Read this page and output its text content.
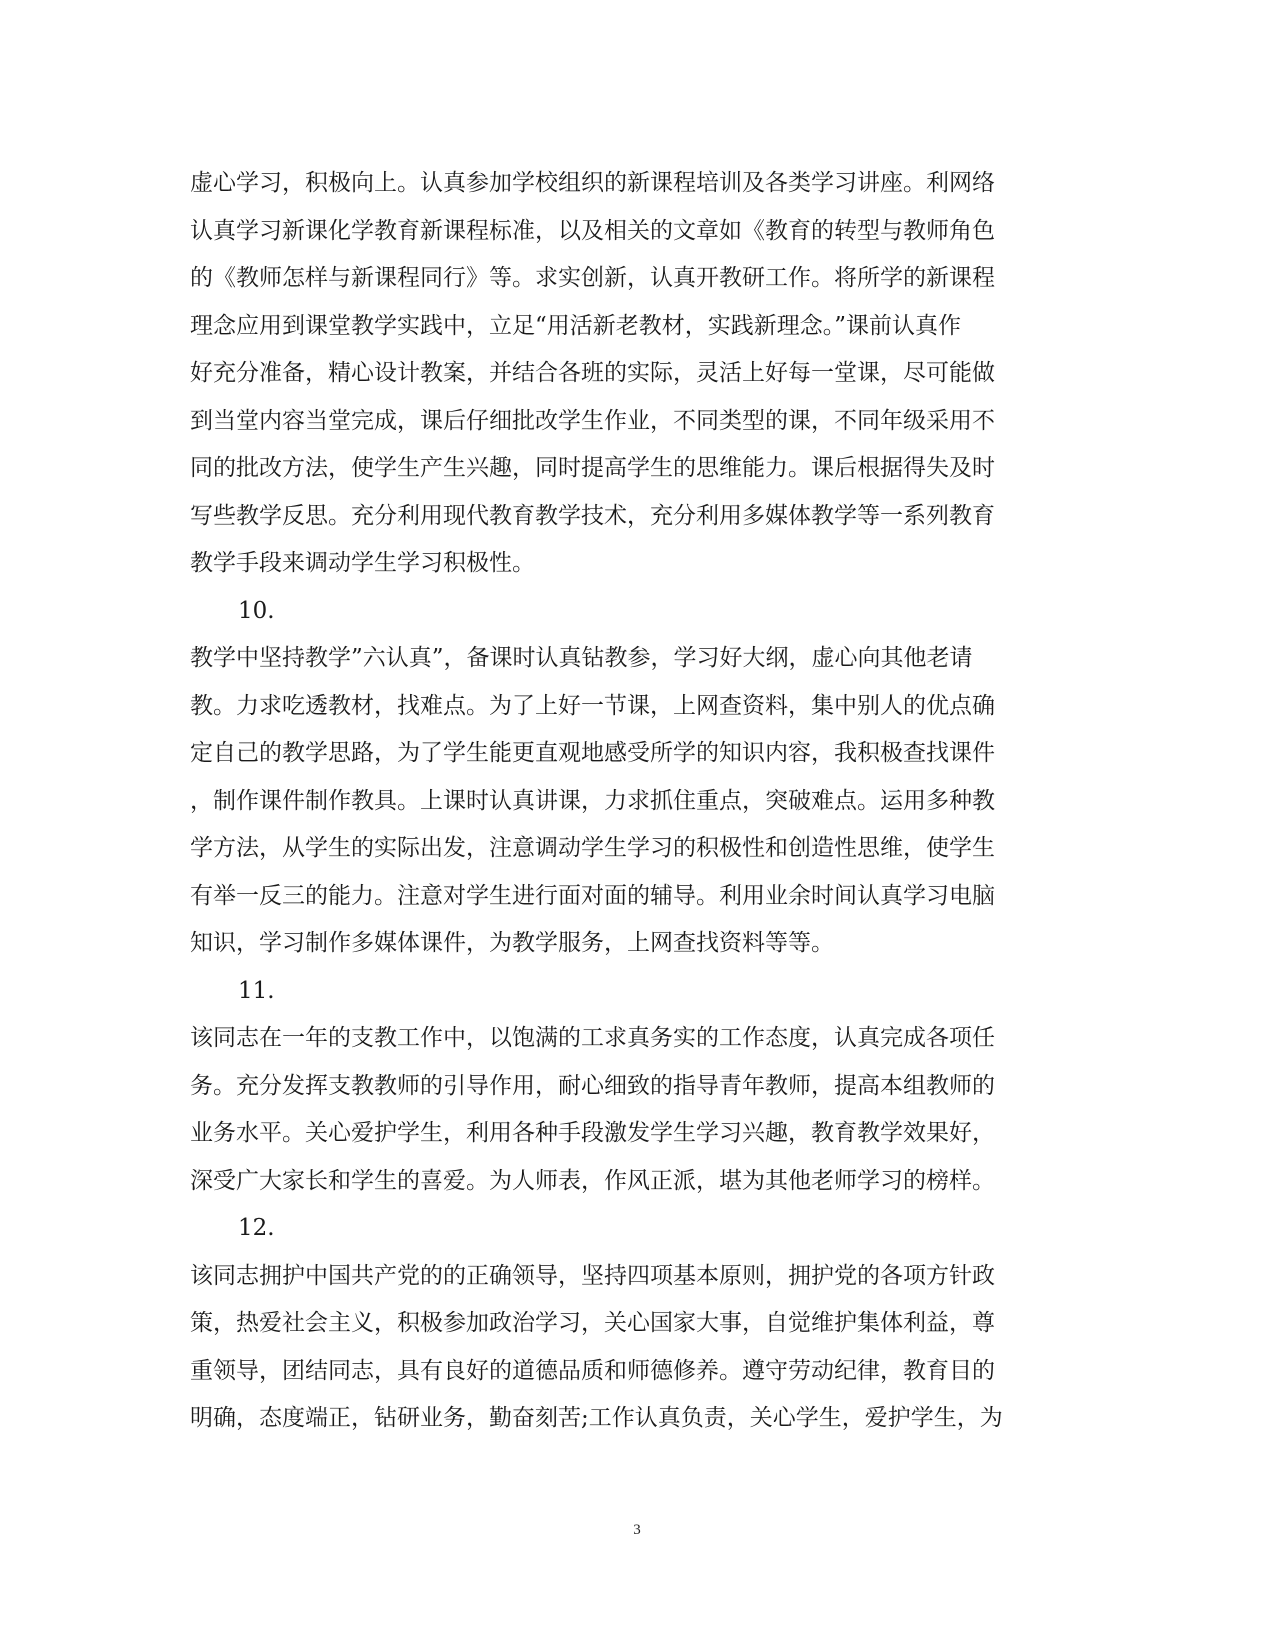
虚心学习，积极向上。认真参加学校组织的新课程培训及各类学习讲座。利网络
认真学习新课化学教育新课程标准，以及相关的文章如《教育的转型与教师角色
的《教师怎样与新课程同行》等。求实创新，认真开教研工作。将所学的新课程
理念应用到课堂教学实践中，立足“用活新老教材，实践新理念。”课前认真作
好充分准备，精心设计教案，并结合各班的实际，灵活上好每一堂课，尽可能做
到当堂内容当堂完成，课后仔细批改学生作业，不同类型的课，不同年级采用不
同的批改方法，使学生产生兴趣，同时提高学生的思维能力。课后根据得失及时
写些教学反思。充分利用现代教育教学技术，充分利用多媒体教学等一系列教育
教学手段来调动学生学习积极性。
10.
教学中坚持教学”六认真”，备课时认真钻教参，学习好大纲，虚心向其他老请
教。力求吃透教材，找难点。为了上好一节课，上网查资料，集中别人的优点确
定自己的教学思路，为了学生能更直观地感受所学的知识内容，我积极查找课件
，制作课件制作教具。上课时认真讲课，力求抓住重点，突破难点。运用多种教
学方法，从学生的实际出发，注意调动学生学习的积极性和创造性思维，使学生
有举一反三的能力。注意对学生进行面对面的辅导。利用业余时间认真学习电脑
知识，学习制作多媒体课件，为教学服务，上网查找资料等等。
11.
该同志在一年的支教工作中，以饱满的工求真务实的工作态度，认真完成各项任
务。充分发挥支教教师的引导作用，耐心细致的指导青年教师，提高本组教师的
业务水平。关心爱护学生，利用各种手段激发学生学习兴趣，教育教学效果好，
深受广大家长和学生的喜爱。为人师表，作风正派，堪为其他老师学习的榜样。
12.
该同志拥护中国共产党的的正确领导，坚持四项基本原则，拥护党的各项方针政
策，热爱社会主义，积极参加政治学习，关心国家大事，自觉维护集体利益，尊
重领导，团结同志，具有良好的道德品质和师德修养。遵守劳动纪律，教育目的
明确，态度端正，钻研业务，勤奋刻苦;工作认真负责，关心学生，爱护学生，为
3
